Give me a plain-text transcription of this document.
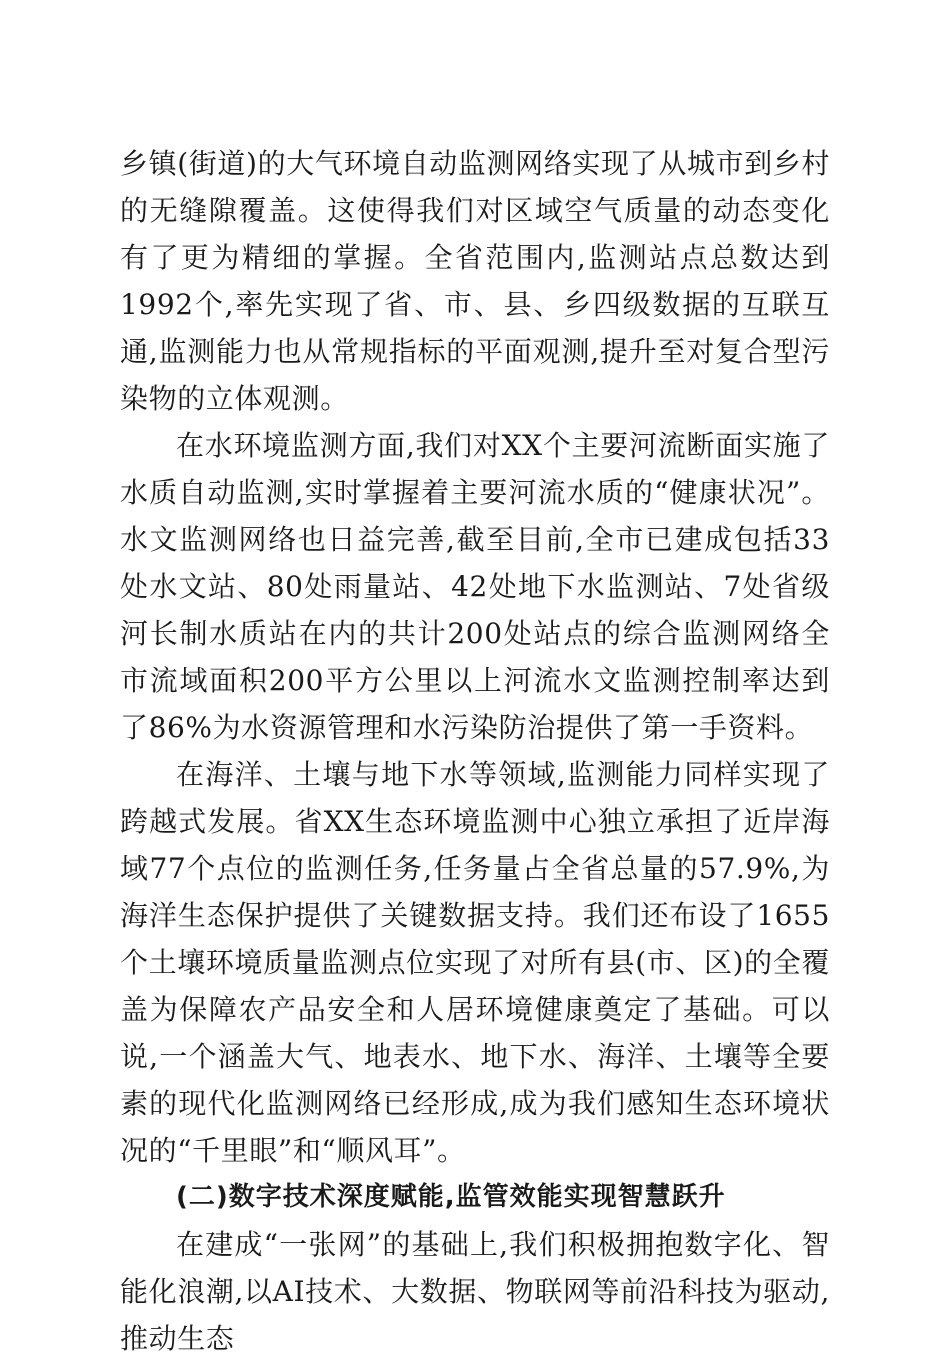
乡镇(街道)的大气环境自动监测网络实现了从城市到乡村的无缝隙覆盖。这使得我们对区域空气质量的动态变化有了更为精细的掌握。全省范围内,监测站点总数达到1992个,率先实现了省、市、县、乡四级数据的互联互通,监测能力也从常规指标的平面观测,提升至对复合型污染物的立体观测。

在水环境监测方面,我们对XX个主要河流断面实施了水质自动监测,实时掌握着主要河流水质的“健康状况”。水文监测网络也日益完善,截至目前,全市已建成包括33处水文站、80处雨量站、42处地下水监测站、7处省级河长制水质站在内的共计200处站点的综合监测网络全市流域面积200平方公里以上河流水文监测控制率达到了86%为水资源管理和水污染防治提供了第一手资料。

在海洋、土壤与地下水等领域,监测能力同样实现了跨越式发展。省XX生态环境监测中心独立承担了近岸海域77个点位的监测任务,任务量占全省总量的57.9%,为海洋生态保护提供了关键数据支持。我们还布设了1655个土壤环境质量监测点位实现了对所有县(市、区)的全覆盖为保障农产品安全和人居环境健康奠定了基础。可以说,一个涵盖大气、地表水、地下水、海洋、土壤等全要素的现代化监测网络已经形成,成为我们感知生态环境状况的“千里眼”和“顺风耳”。

(二)数字技术深度赋能,监管效能实现智慧跃升

在建成“一张网”的基础上,我们积极拥抱数字化、智能化浪潮,以AI技术、大数据、物联网等前沿科技为驱动,推动生态
